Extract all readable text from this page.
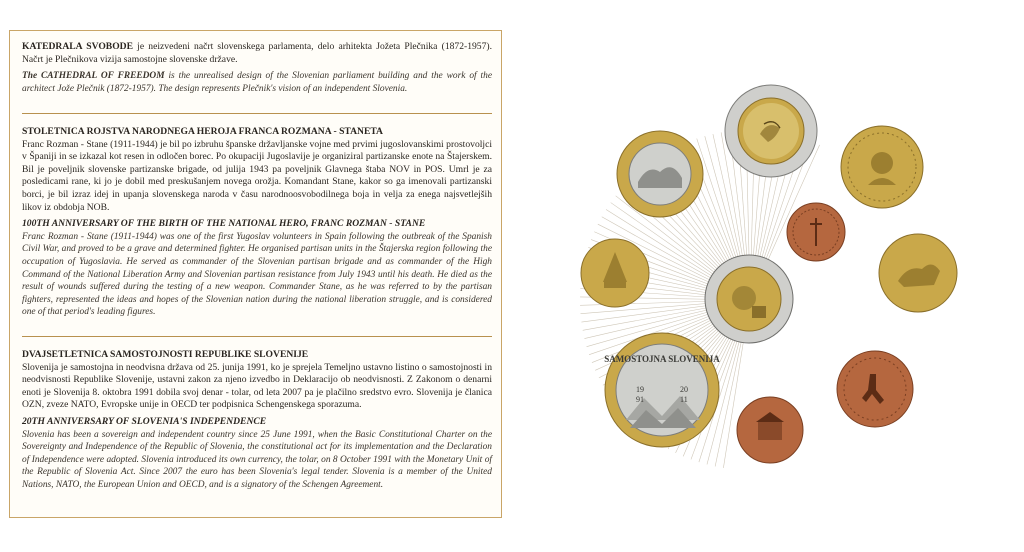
KATEDRALA SVOBODE je neizvedeni načrt slovenskega parlamenta, delo arhitekta Jožeta Plečnika (1872-1957). Načrt je Plečnikova vizija samostojne slovenske države.

The CATHEDRAL OF FREEDOM is the unrealised design of the Slovenian parliament building and the work of the architect Jože Plečnik (1872-1957). The design represents Plečnik's vision of an independent Slovenia.

STOLETNICA ROJSTVA NARODNEGA HEROJA FRANCA ROZMANA - STANETA

Franc Rozman - Stane (1911-1944) je bil po izbruhu španske državljanske vojne med prvimi jugoslovanskimi prostovoljci v Španiji in se izkazal kot resen in odločen borec. Po okupaciji Jugoslavije je organiziral partizanske enote na Štajerskem. Bil je poveljnik slovenske partizanske brigade, od julija 1943 pa poveljnik Glavnega štaba NOV in POS. Umrl je za posledicami rane, ki jo je dobil med preskušanjem novega orožja. Komandant Stane, kakor so ga imenovali partizanski borci, je bil izraz idej in upanja slovenskega naroda v času narodnoosvobodilnega boja in velja za enega najsvetlejših likov iz obdobja NOB.

100TH ANNIVERSARY OF THE BIRTH OF THE NATIONAL HERO, FRANC ROZMAN - STANE

Franc Rozman - Stane (1911-1944) was one of the first Yugoslav volunteers in Spain following the outbreak of the Spanish Civil War, and proved to be a grave and determined fighter. He organised partisan units in the Štajerska region following the occupation of Yugoslavia. He served as commander of the Slovenian partisan brigade and as commander of the High Command of the National Liberation Army and Slovenian partisan resistance from July 1943 until his death. He died as the result of wounds suffered during the testing of a new weapon. Commander Stane, as he was referred to by the partisan fighters, represented the ideas and hopes of the Slovenian nation during the national liberation struggle, and is considered one of that period's leading figures.

DVAJSETLETNICA SAMOSTOJNOSTI REPUBLIKE SLOVENIJE

Slovenija je samostojna in neodvisna država od 25. junija 1991, ko je sprejela Temeljno ustavno listino o samostojnosti in neodvisnosti Republike Slovenije, ustavni zakon za njeno izvedbo in Deklaracijo ob neodvisnosti. Z Zakonom o denarni enoti je Slovenija 8. oktobra 1991 dobila svoj denar - tolar, od leta 2007 pa je plačilno sredstvo evro. Slovenija je članica OZN, zveze NATO, Evropske unije in OECD ter podpisnica Schengenskega sporazuma.

20TH ANNIVERSARY OF SLOVENIA'S INDEPENDENCE

Slovenia has been a sovereign and independent country since 25 June 1991, when the Basic Constitutional Charter on the Sovereignty and Independence of the Republic of Slovenia, the constitutional act for its implementation and the Declaration of Independence were adopted. Slovenia introduced its own currency, the tolar, on 8 October 1991 with the Monetary Unit of the Republic of Slovenia Act. Since 2007 the euro has been Slovenia's legal tender. Slovenia is a member of the United Nations, NATO, the European Union and OECD, and is a signatory of the Schengen Agreement.

SAMOSTOJNA SLOVENIJA
19
91
20
11
